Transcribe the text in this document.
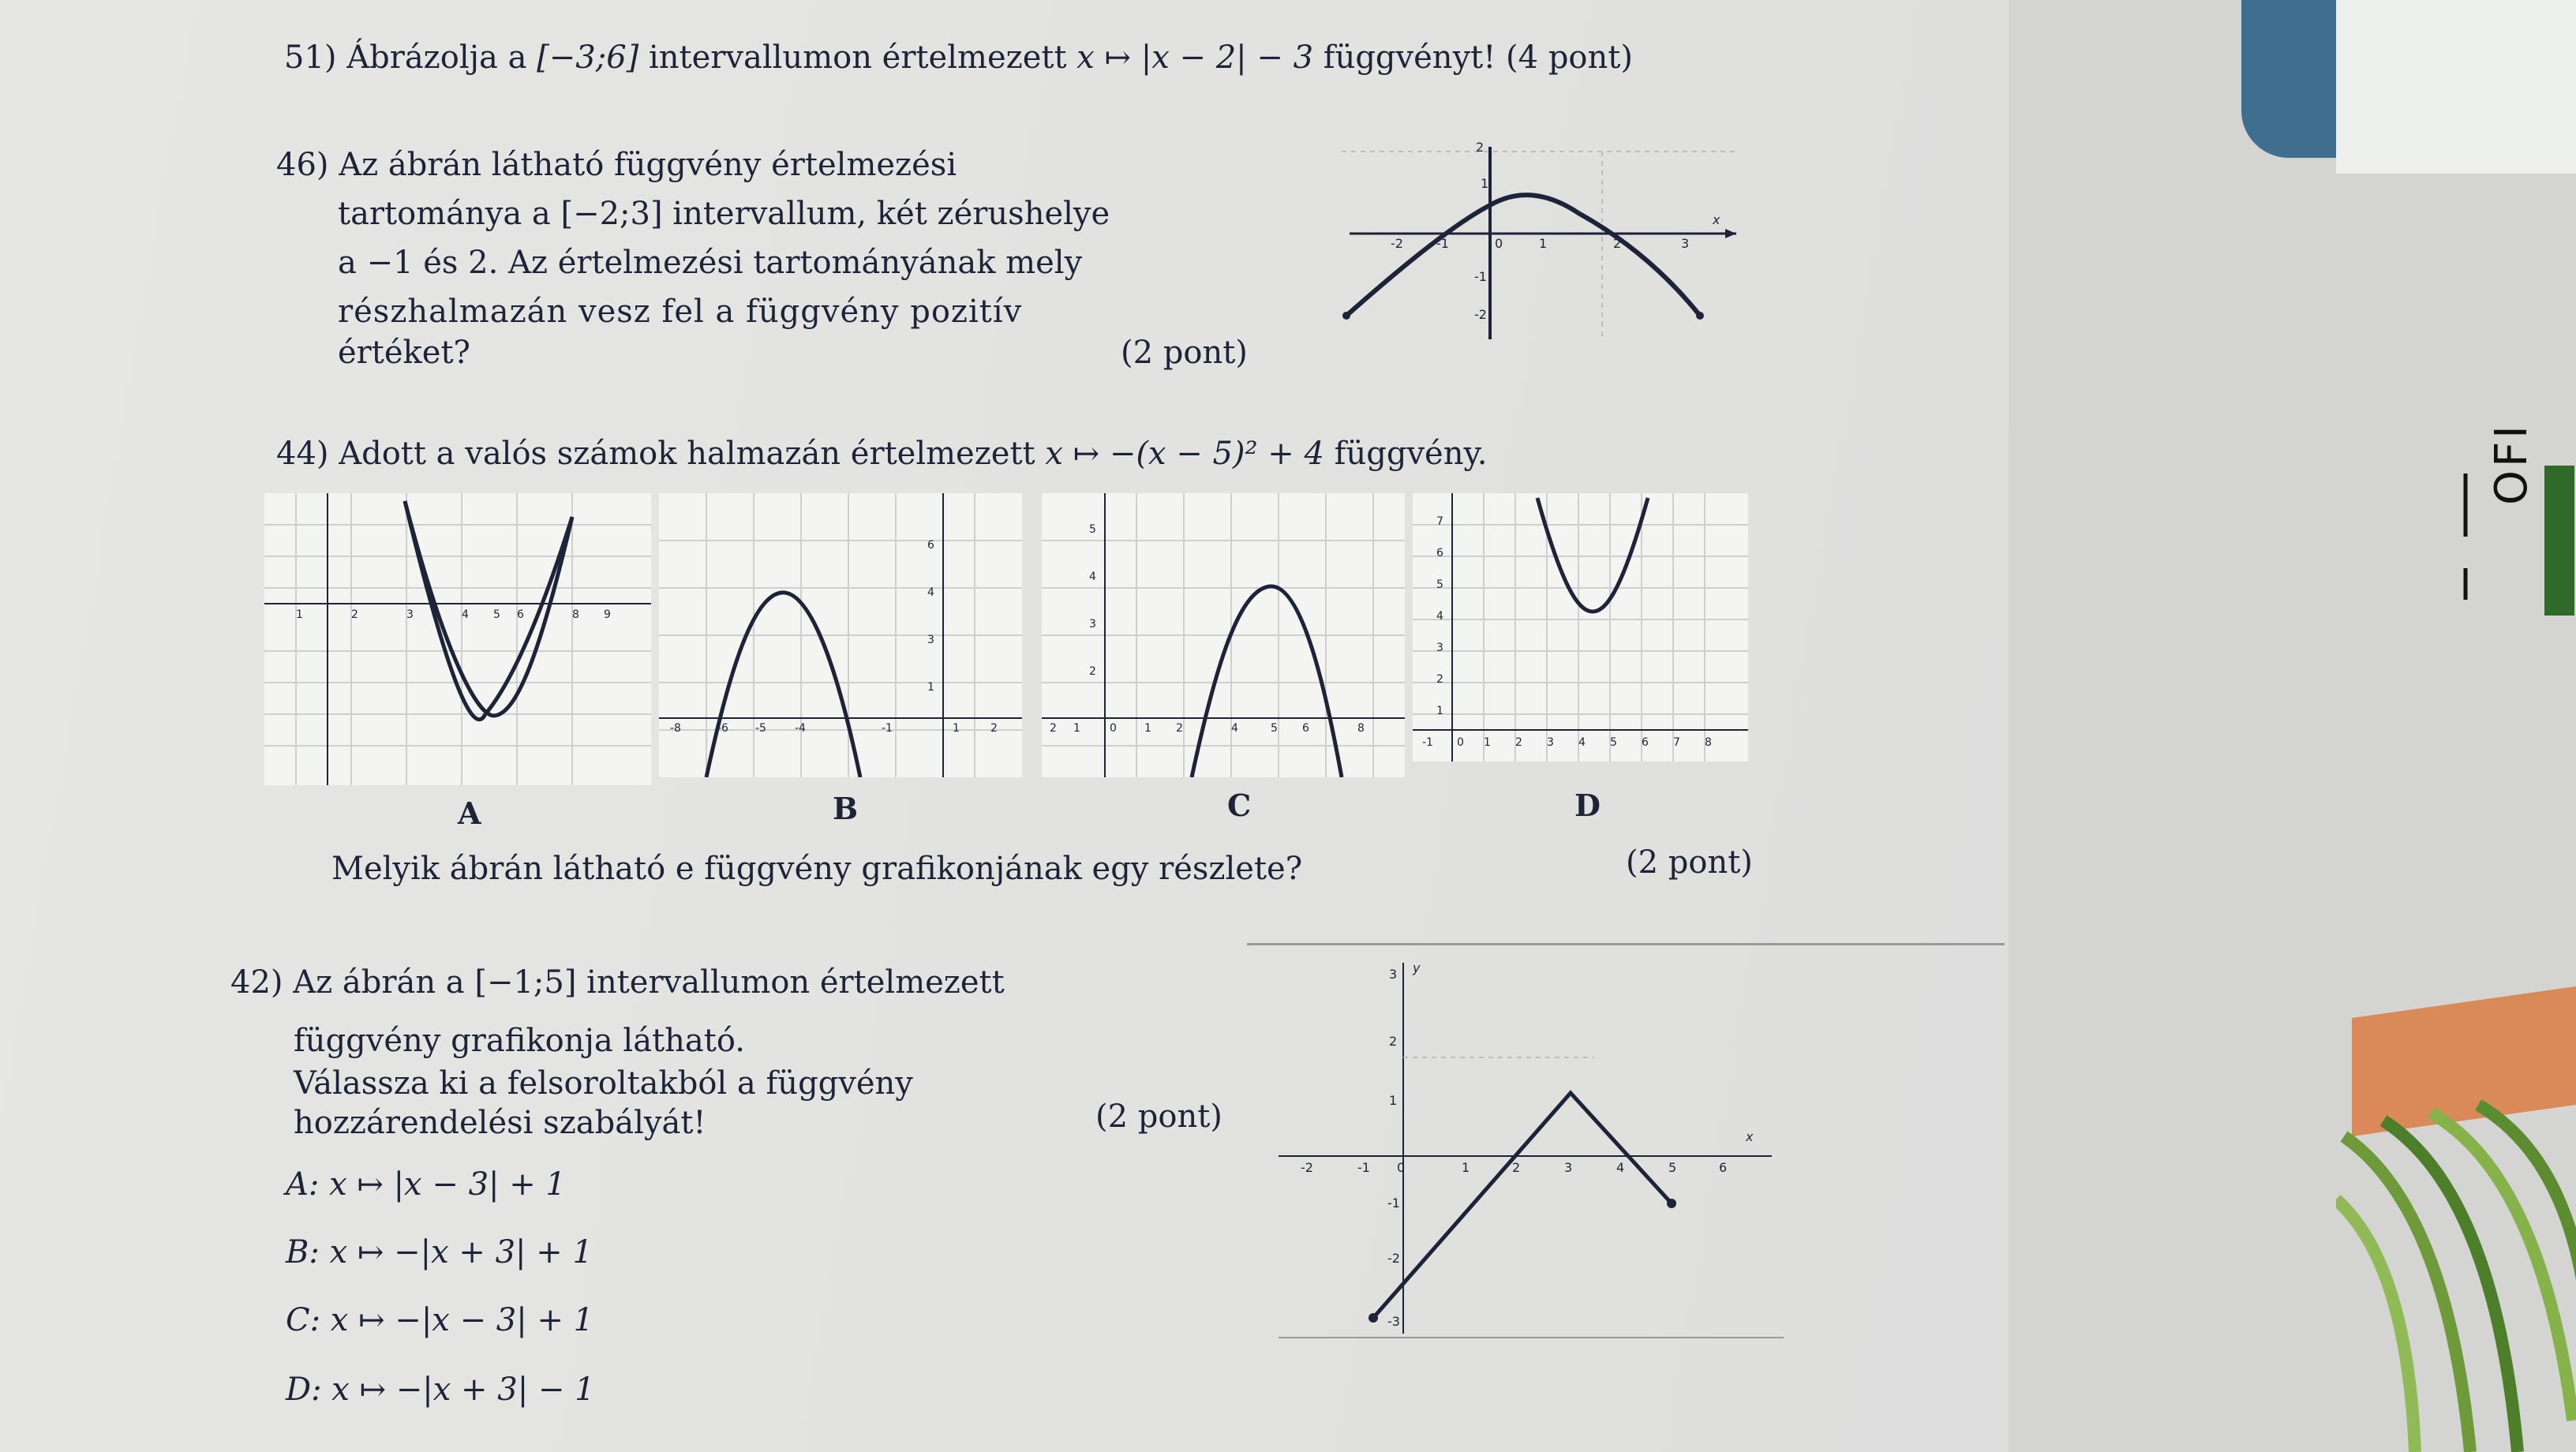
OFI
51) Ábrázolja a [−3;6] intervallumon értelmezett x ↦ |x − 2| − 3 függvényt! (4 pont)
46) Az ábrán látható függvény értelmezési
tartománya a [−2;3] intervallum, két zérushelye
a −1 és 2. Az értelmezési tartományának mely
részhalmazán vesz fel a függvény pozitív
értéket?	(2 pont)
-2	-1	0	1	2	3
2
1
-1
-2
x
44) Adott a valós számok halmazán értelmezett x ↦ −(x − 5)² + 4 függvény.
1	2	3	4 5 6	8 9
-8	-6 -5	-4	-1	1	2
6
4
3
1
2 1	0	1 2	4	5 6	8
5
4
3
2
-1 0 1 2 3 4 5 6 7 8
7
6
5
4
3
2
1
A	B	C	D
Melyik ábrán látható e függvény grafikonjának egy részlete?	(2 pont)
42) Az ábrán a [−1;5] intervallumon értelmezett
függvény grafikonja látható.
Válassza ki a felsoroltakból a függvény
hozzárendelési szabályát!	(2 pont)
A: x ↦ |x − 3| + 1
B: x ↦ −|x + 3| + 1
C: x ↦ −|x − 3| + 1
D: x ↦ −|x + 3| − 1
-2	-1 0	1	2	3	4	5	6
3
2
1
-1
-2
-3
x
y
